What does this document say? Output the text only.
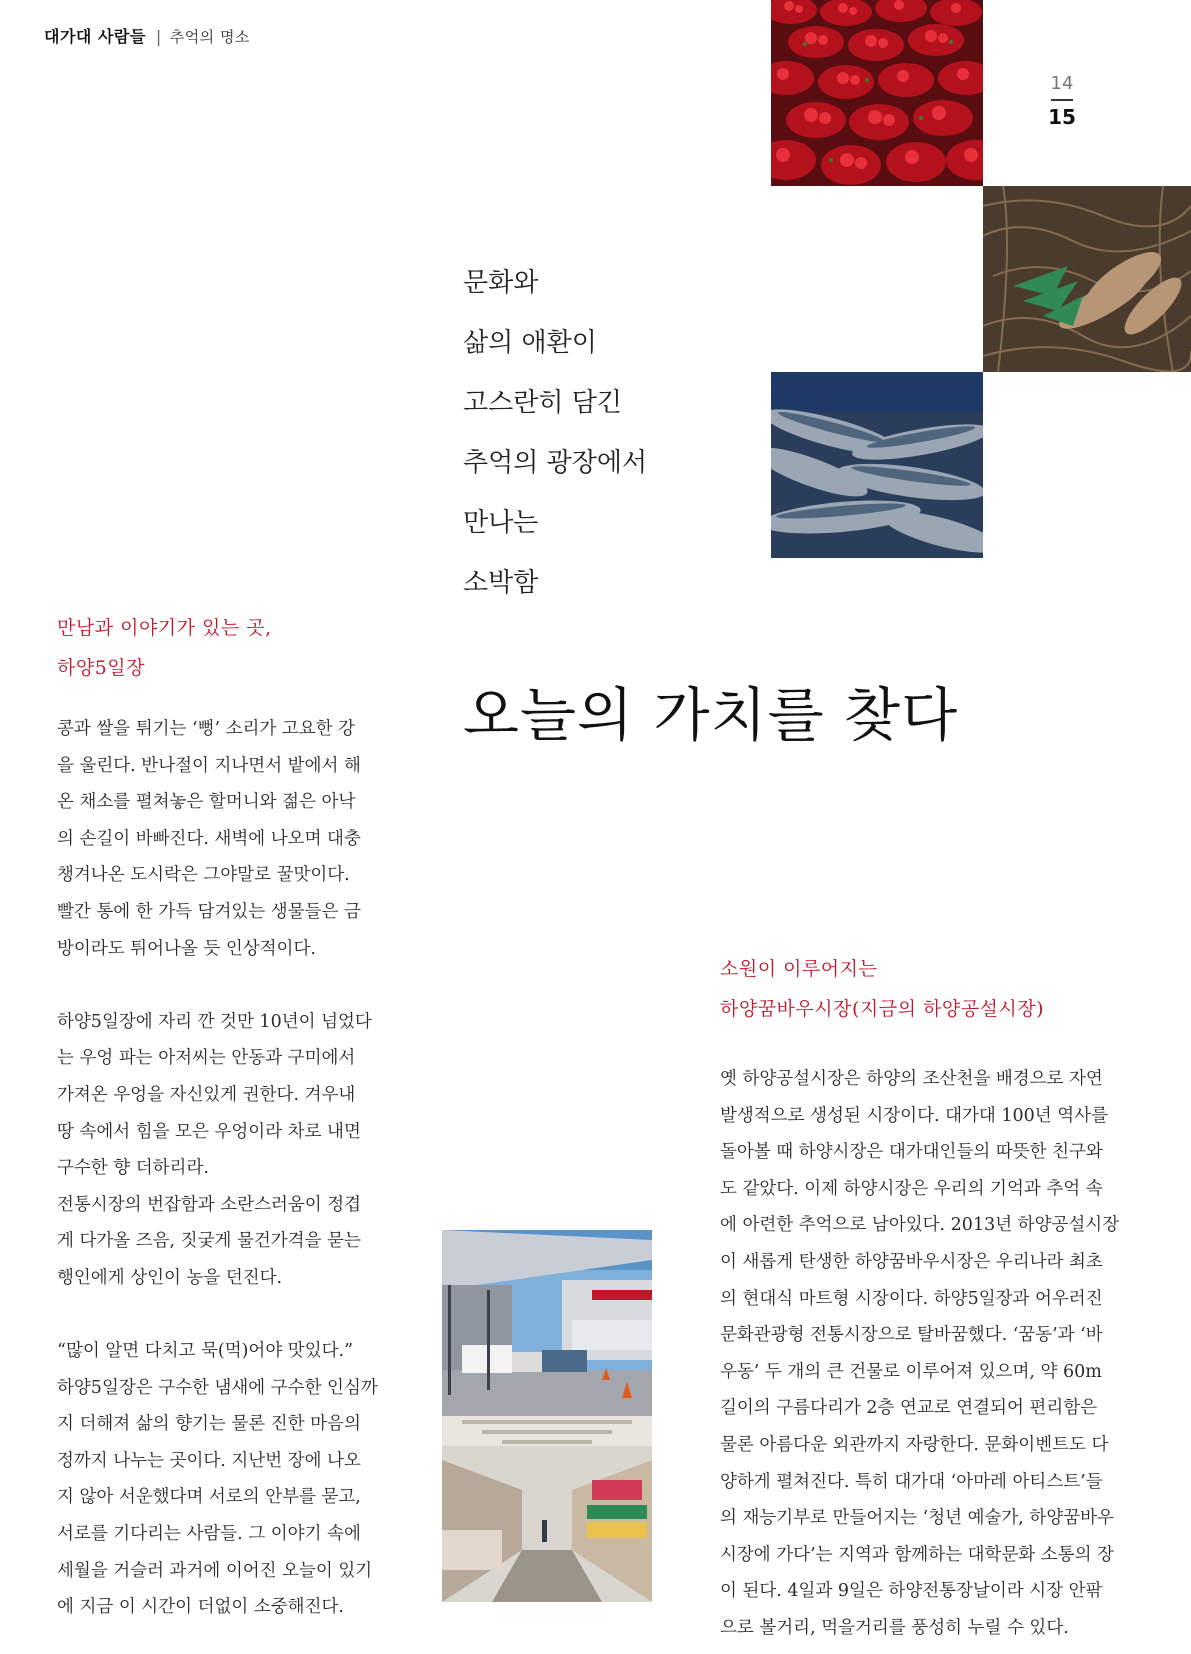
대가대 사람들 | 추억의 명소
14
15
문화와
삶의 애환이
고스란히 담긴
추억의 광장에서
만나는
소박함
오늘의 가치를 찾다
만남과 이야기가 있는 곳,
하양5일장

콩과 쌀을 튀기는 ‘뻥’ 소리가 고요한 강

을 울린다. 반나절이 지나면서 밭에서 해

온 채소를 펼쳐놓은 할머니와 젊은 아낙

의 손길이 바빠진다. 새벽에 나오며 대충

챙겨나온 도시락은 그야말로 꿀맛이다.

빨간 통에 한 가득 담겨있는 생물들은 금

방이라도 튀어나올 듯 인상적이다.

하양5일장에 자리 깐 것만 10년이 넘었다

는 우엉 파는 아저씨는 안동과 구미에서

가져온 우엉을 자신있게 권한다. 겨우내

땅 속에서 힘을 모은 우엉이라 차로 내면

구수한 향 더하리라.

전통시장의 번잡함과 소란스러움이 정겹

게 다가올 즈음, 짓궂게 물건가격을 묻는

행인에게 상인이 농을 던진다.

“많이 알면 다치고 묵(먹)어야 맛있다.”

하양5일장은 구수한 냄새에 구수한 인심까

지 더해져 삶의 향기는 물론 진한 마음의

정까지 나누는 곳이다. 지난번 장에 나오

지 않아 서운했다며 서로의 안부를 묻고,

서로를 기다리는 사람들. 그 이야기 속에

세월을 거슬러 과거에 이어진 오늘이 있기

에 지금 이 시간이 더없이 소중해진다.

소원이 이루어지는
하양꿈바우시장(지금의 하양공설시장)

옛 하양공설시장은 하양의 조산천을 배경으로 자연

발생적으로 생성된 시장이다. 대가대 100년 역사를

돌아볼 때 하양시장은 대가대인들의 따뜻한 친구와

도 같았다. 이제 하양시장은 우리의 기억과 추억 속

에 아련한 추억으로 남아있다. 2013년 하양공설시장

이 새롭게 탄생한 하양꿈바우시장은 우리나라 최초

의 현대식 마트형 시장이다. 하양5일장과 어우러진

문화관광형 전통시장으로 탈바꿈했다. ‘꿈동’과 ‘바

우동’ 두 개의 큰 건물로 이루어져 있으며, 약 60m

길이의 구름다리가 2층 연교로 연결되어 편리함은

물론 아름다운 외관까지 자랑한다. 문화이벤트도 다

양하게 펼쳐진다. 특히 대가대 ‘아마레 아티스트’들

의 재능기부로 만들어지는 ‘청년 예술가, 하양꿈바우

시장에 가다’는 지역과 함께하는 대학문화 소통의 장

이 된다. 4일과 9일은 하양전통장날이라 시장 안팎

으로 볼거리, 먹을거리를 풍성히 누릴 수 있다.
